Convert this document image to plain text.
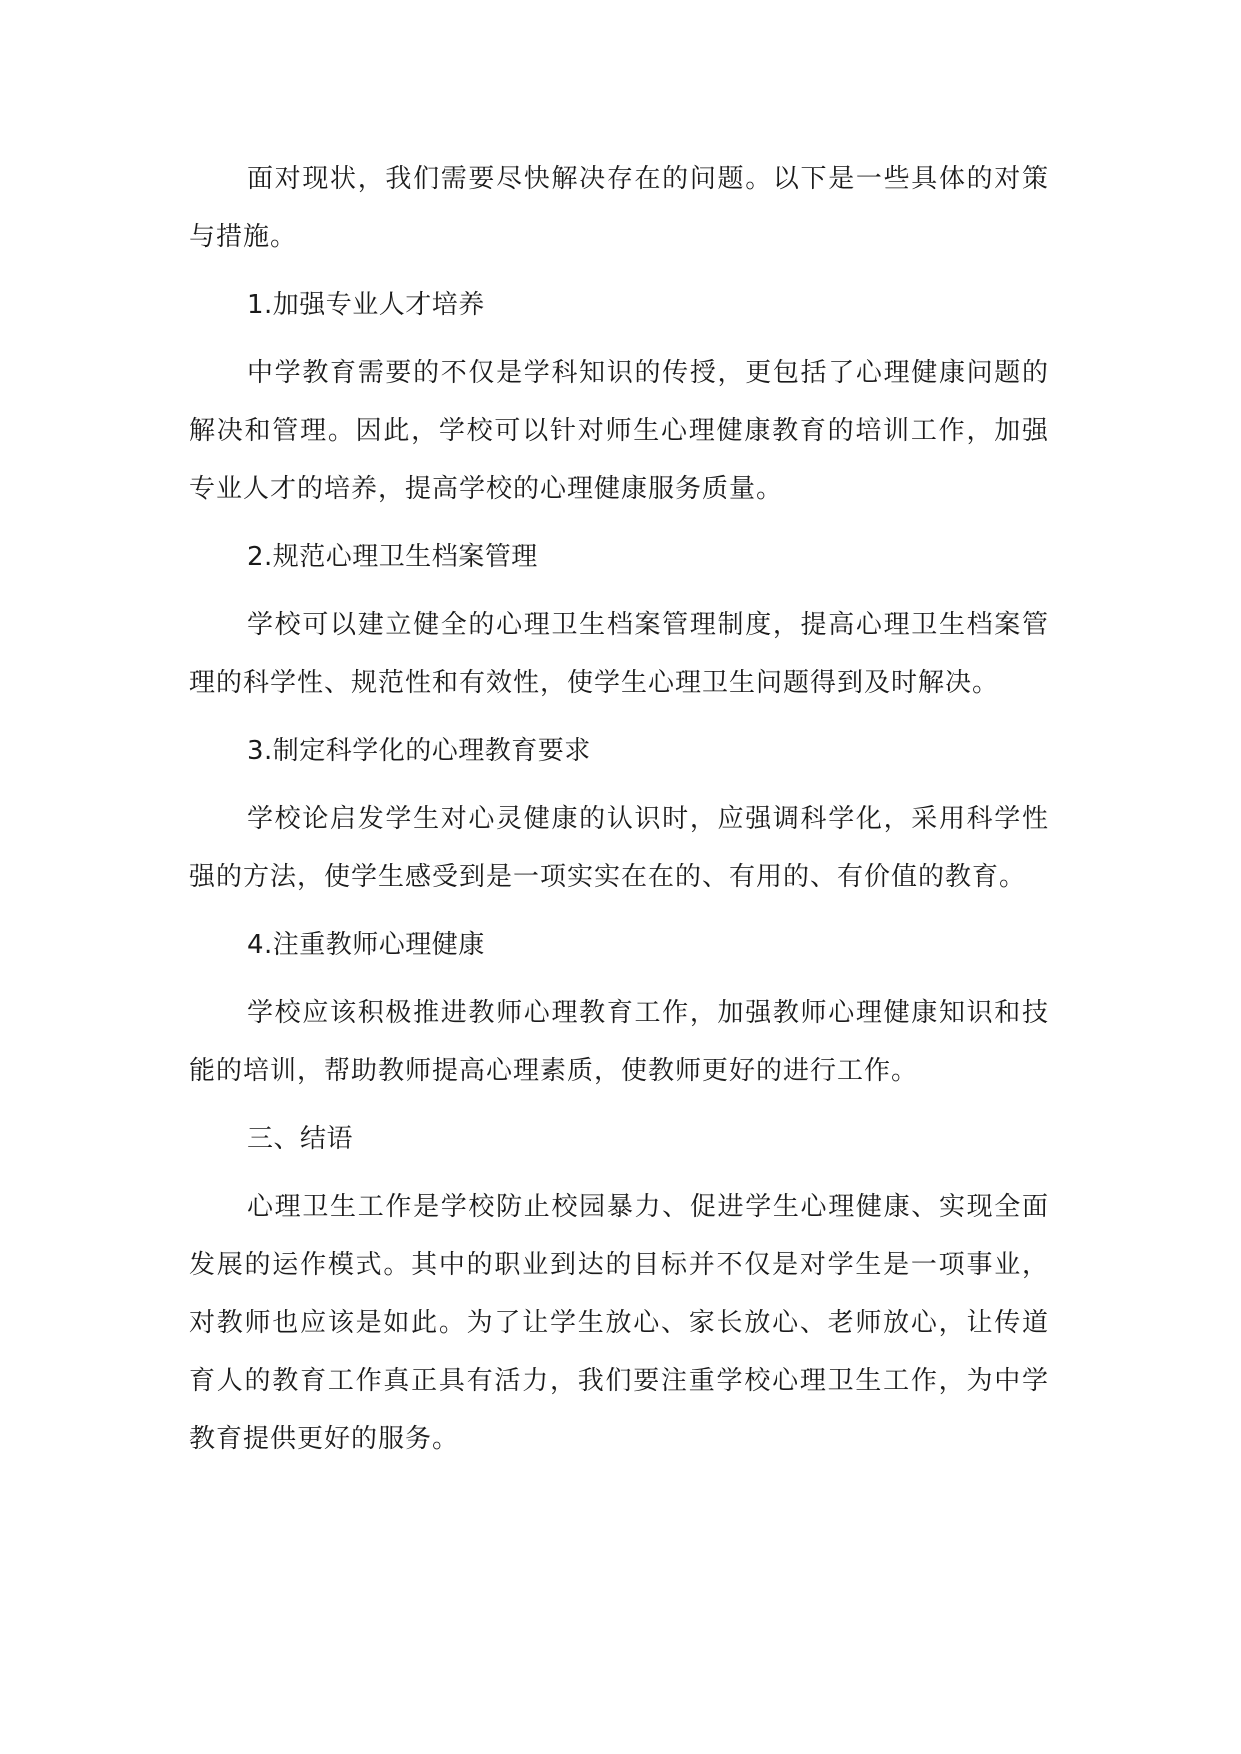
面对现状，我们需要尽快解决存在的问题。以下是一些具体的对策与措施。

1.加强专业人才培养

中学教育需要的不仅是学科知识的传授，更包括了心理健康问题的解决和管理。因此，学校可以针对师生心理健康教育的培训工作，加强专业人才的培养，提高学校的心理健康服务质量。

2.规范心理卫生档案管理

学校可以建立健全的心理卫生档案管理制度，提高心理卫生档案管理的科学性、规范性和有效性，使学生心理卫生问题得到及时解决。

3.制定科学化的心理教育要求

学校论启发学生对心灵健康的认识时，应强调科学化，采用科学性强的方法，使学生感受到是一项实实在在的、有用的、有价值的教育。

4.注重教师心理健康

学校应该积极推进教师心理教育工作，加强教师心理健康知识和技能的培训，帮助教师提高心理素质，使教师更好的进行工作。

三、结语

心理卫生工作是学校防止校园暴力、促进学生心理健康、实现全面发展的运作模式。其中的职业到达的目标并不仅是对学生是一项事业，对教师也应该是如此。为了让学生放心、家长放心、老师放心，让传道育人的教育工作真正具有活力，我们要注重学校心理卫生工作，为中学教育提供更好的服务。
